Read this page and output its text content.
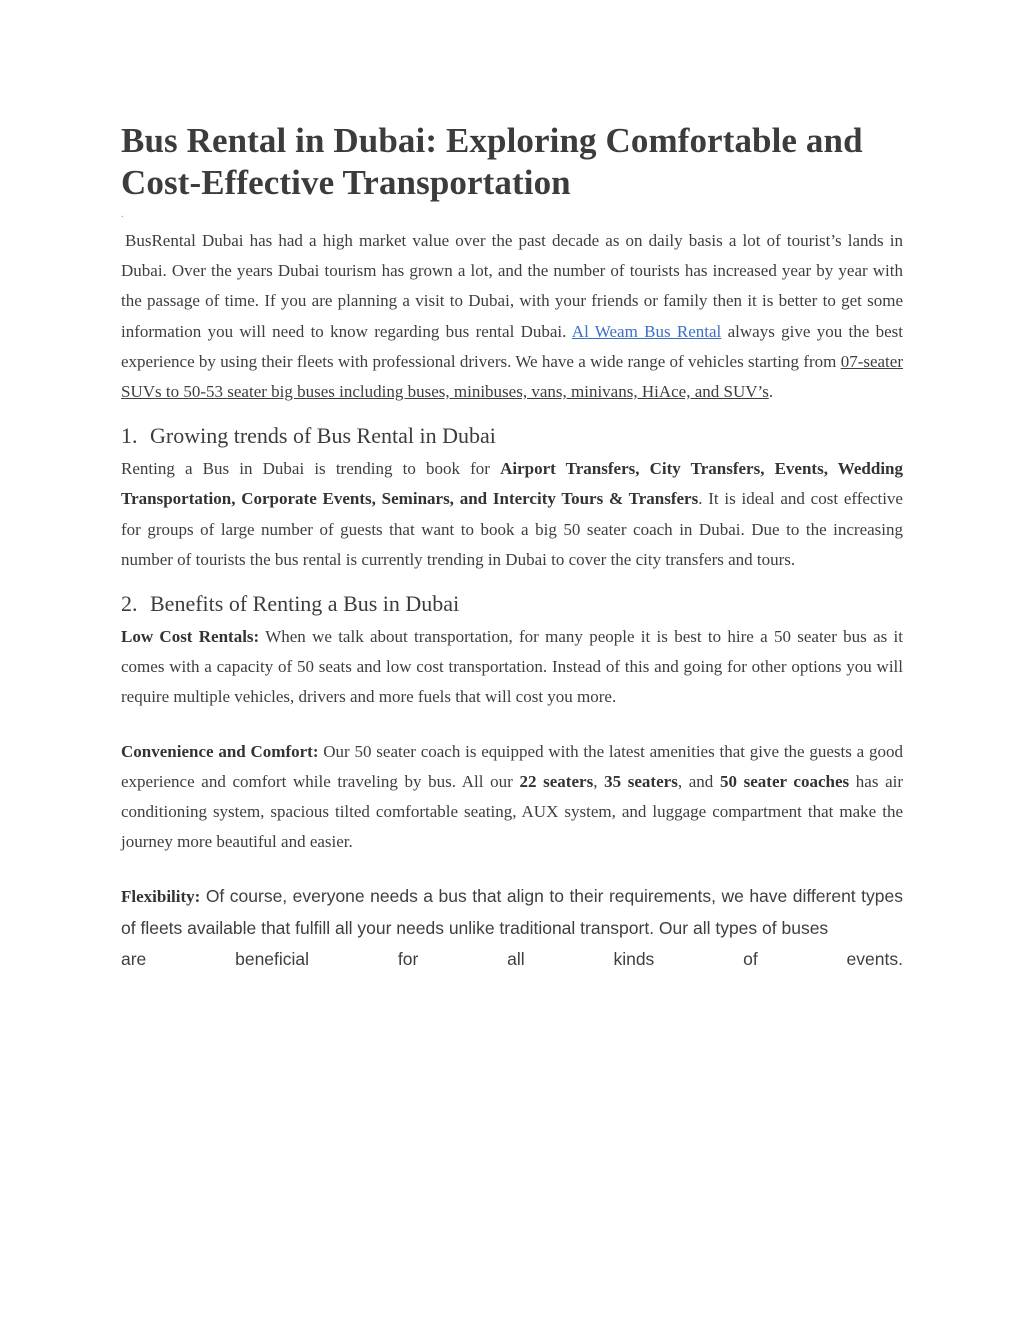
Bus Rental in Dubai: Exploring Comfortable and Cost-Effective Transportation
.

BusRental Dubai has had a high market value over the past decade as on daily basis a lot of tourist’s lands in Dubai. Over the years Dubai tourism has grown a lot, and the number of tourists has increased year by year with the passage of time. If you are planning a visit to Dubai, with your friends or family then it is better to get some information you will need to know regarding bus rental Dubai. Al Weam Bus Rental always give you the best experience by using their fleets with professional drivers. We have a wide range of vehicles starting from 07-seater SUVs to 50-53 seater big buses including buses, minibuses, vans, minivans, HiAce, and SUV’s.

1. Growing trends of Bus Rental in Dubai

Renting a Bus in Dubai is trending to book for Airport Transfers, City Transfers, Events, Wedding Transportation, Corporate Events, Seminars, and Intercity Tours & Transfers. It is ideal and cost effective for groups of large number of guests that want to book a big 50 seater coach in Dubai. Due to the increasing number of tourists the bus rental is currently trending in Dubai to cover the city transfers and tours.

2. Benefits of Renting a Bus in Dubai

Low Cost Rentals: When we talk about transportation, for many people it is best to hire a 50 seater bus as it comes with a capacity of 50 seats and low cost transportation. Instead of this and going for other options you will require multiple vehicles, drivers and more fuels that will cost you more.

Convenience and Comfort: Our 50 seater coach is equipped with the latest amenities that give the guests a good experience and comfort while traveling by bus. All our 22 seaters, 35 seaters, and 50 seater coaches has air conditioning system, spacious tilted comfortable seating, AUX system, and luggage compartment that make the journey more beautiful and easier.

Flexibility: Of course, everyone needs a bus that align to their requirements, we have different types of fleets available that fulfill all your needs unlike traditional transport. Our all types of buses

are	beneficial	for	all	kinds	of	events.
